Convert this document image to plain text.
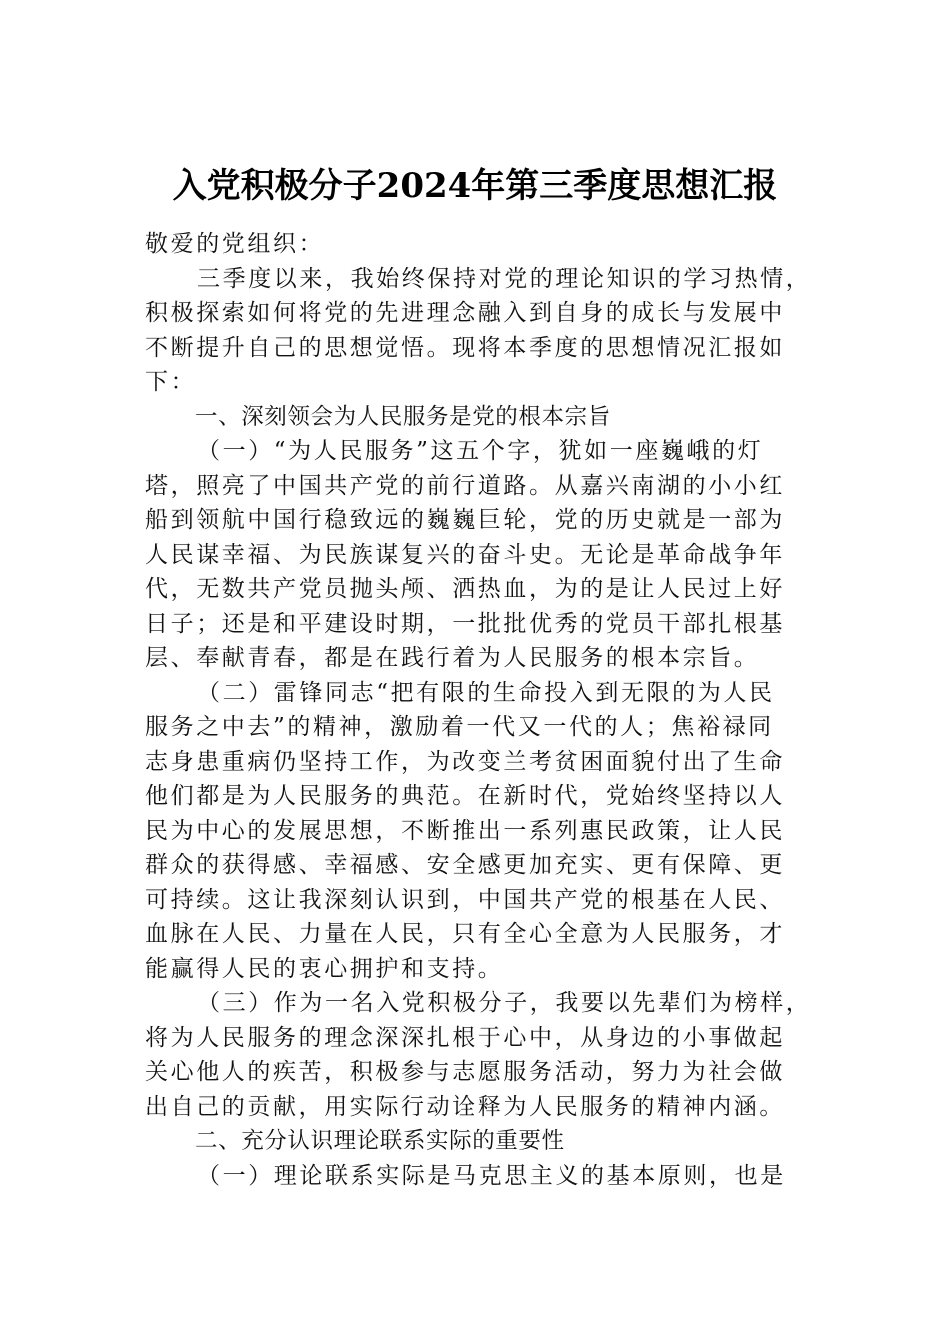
入党积极分子2024年第三季度思想汇报
敬爱的党组织：
三季度以来，我始终保持对党的理论知识的学习热情，
积极探索如何将党的先进理念融入到自身的成长与发展中
不断提升自己的思想觉悟。现将本季度的思想情况汇报如
下：
一、深刻领会为人民服务是党的根本宗旨
（一）“为人民服务”这五个字，犹如一座巍峨的灯
塔，照亮了中国共产党的前行道路。从嘉兴南湖的小小红
船到领航中国行稳致远的巍巍巨轮，党的历史就是一部为
人民谋幸福、为民族谋复兴的奋斗史。无论是革命战争年
代，无数共产党员抛头颅、洒热血，为的是让人民过上好
日子；还是和平建设时期，一批批优秀的党员干部扎根基
层、奉献青春，都是在践行着为人民服务的根本宗旨。
（二）雷锋同志“把有限的生命投入到无限的为人民
服务之中去”的精神，激励着一代又一代的人；焦裕禄同
志身患重病仍坚持工作，为改变兰考贫困面貌付出了生命
他们都是为人民服务的典范。在新时代，党始终坚持以人
民为中心的发展思想，不断推出一系列惠民政策，让人民
群众的获得感、幸福感、安全感更加充实、更有保障、更
可持续。这让我深刻认识到，中国共产党的根基在人民、
血脉在人民、力量在人民，只有全心全意为人民服务，才
能赢得人民的衷心拥护和支持。
（三）作为一名入党积极分子，我要以先辈们为榜样，
将为人民服务的理念深深扎根于心中，从身边的小事做起
关心他人的疾苦，积极参与志愿服务活动，努力为社会做
出自己的贡献，用实际行动诠释为人民服务的精神内涵。
二、充分认识理论联系实际的重要性
（一）理论联系实际是马克思主义的基本原则，也是
